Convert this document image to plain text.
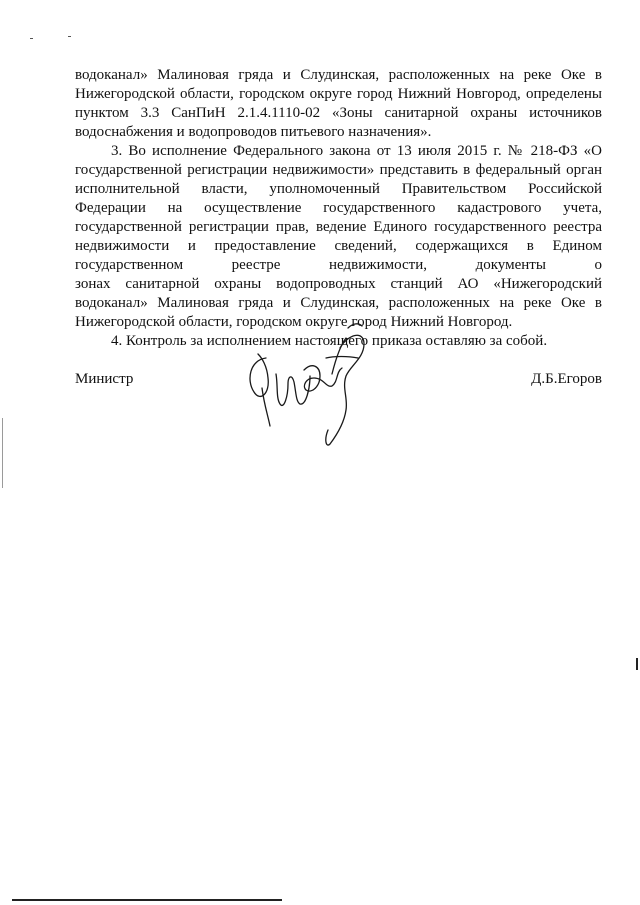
водоканал» Малиновая гряда и Слудинская, расположенных на реке Оке в
Нижегородской области, городском округе город Нижний Новгород, определены
пунктом 3.3 СанПиН 2.1.4.1110-02 «Зоны санитарной охраны источников
водоснабжения и водопроводов питьевого назначения».
3. Во исполнение Федерального закона от 13 июля 2015 г. № 218-ФЗ «О
государственной регистрации недвижимости» представить в федеральный орган
исполнительной власти, уполномоченный Правительством Российской
Федерации на осуществление государственного кадастрового учета,
государственной регистрации прав, ведение Единого государственного реестра
недвижимости и предоставление сведений, содержащихся в Едином
государственном реестре недвижимости, документы о
зонах санитарной охраны водопроводных станций АО «Нижегородский
водоканал» Малиновая гряда и Слудинская, расположенных на реке Оке в
Нижегородской области, городском округе город Нижний Новгород.
4. Контроль за исполнением настоящего приказа оставляю за собой.
Министр	Д.Б.Егоров
